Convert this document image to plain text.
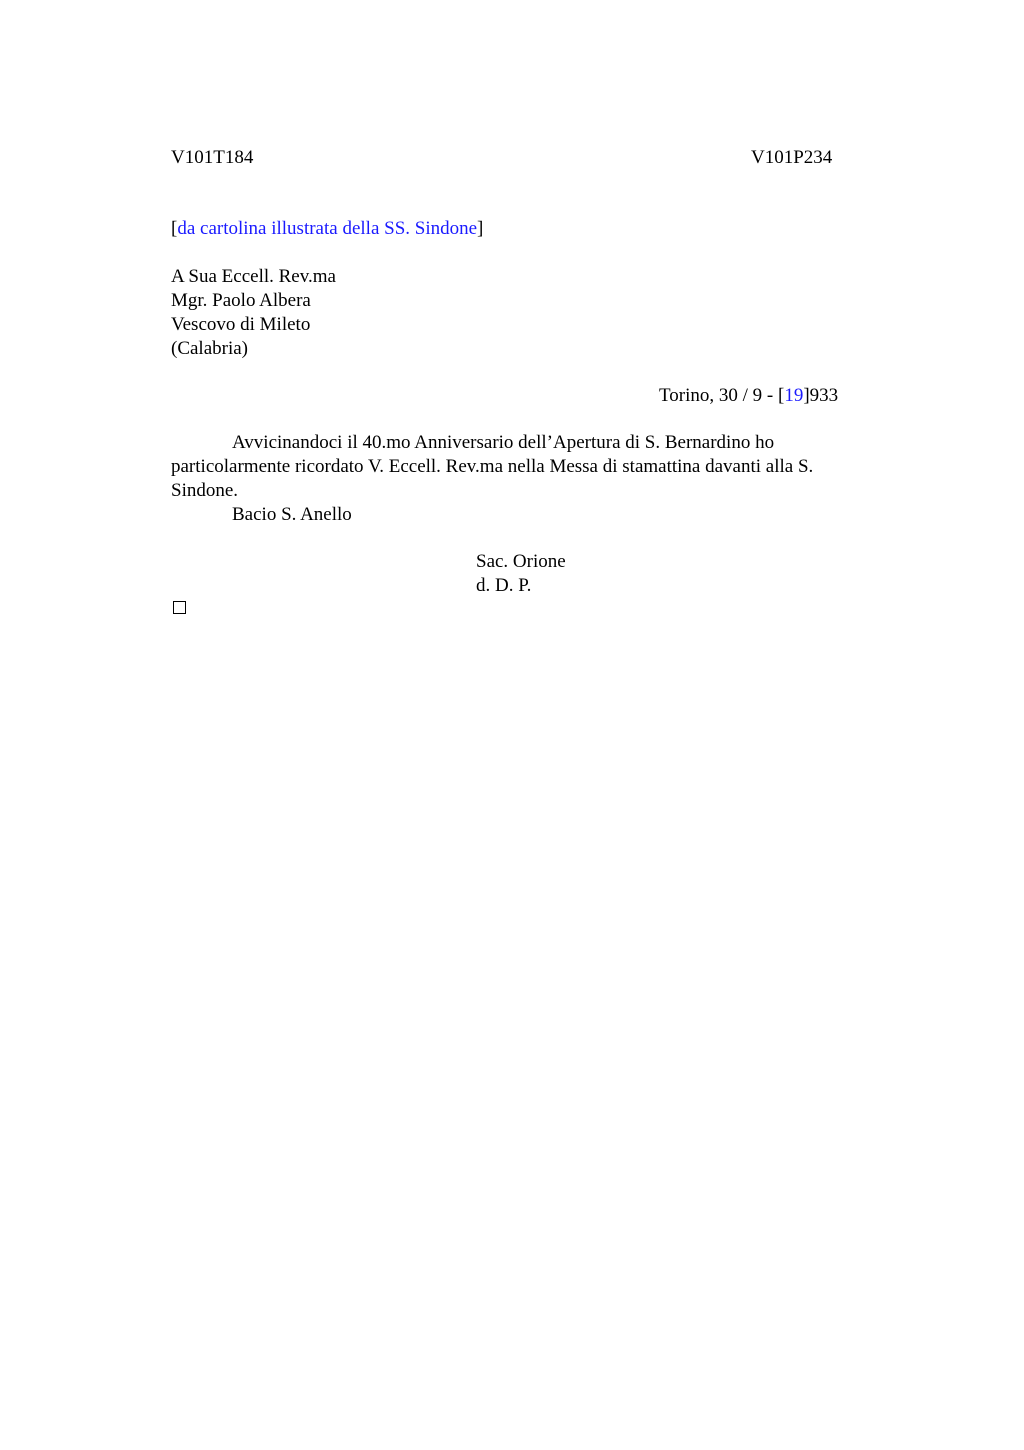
V101T184	V101P234
[da cartolina illustrata della SS. Sindone]
A Sua Eccell. Rev.ma
Mgr. Paolo Albera
Vescovo di Mileto
(Calabria)
Torino, 30 / 9 - [19]933
Avvicinandoci il 40.mo Anniversario dell’Apertura di S. Bernardino ho
particolarmente ricordato V. Eccell. Rev.ma nella Messa di stamattina davanti alla S.
Sindone.
Bacio S. Anello
Sac. Orione
d. D. P.
